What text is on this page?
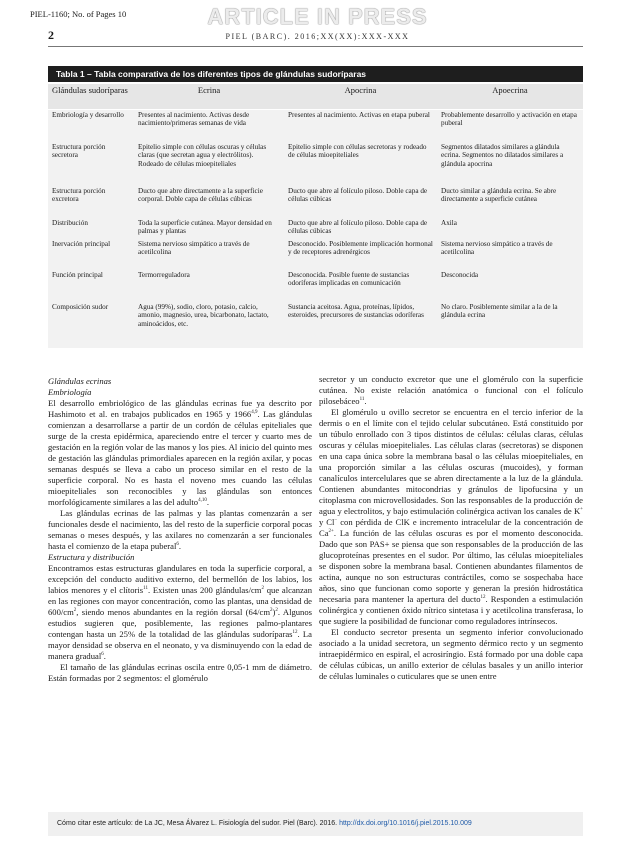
PIEL-1160; No. of Pages 10	ARTICLE IN PRESS
2	PIEL (BARC). 2016;XX(XX):XXX-XXX
Tabla 1 – Tabla comparativa de los diferentes tipos de glándulas sudoríparas
Glándulas sudoríparas	Ecrina	Apocrina	Apoecrina

Embriología y desarrollo	Presentes al nacimiento. Activas desde nacimiento/primeras semanas de vida	Presentes al nacimiento. Activas en etapa puberal	Probablemente desarrollo y activación en etapa puberal
Estructura porción secretora	Epitelio simple con células oscuras y células claras (que secretan agua y electrólitos). Rodeado de células mioepiteliales	Epitelio simple con células secretoras y rodeado de células mioepiteliales	Segmentos dilatados similares a glándula ecrina. Segmentos no dilatados similares a glándula apocrina
Estructura porción excretora	Ducto que abre directamente a la superficie corporal. Doble capa de células cúbicas	Ducto que abre al folículo piloso. Doble capa de células cúbicas	Ducto similar a glándula ecrina. Se abre directamente a superficie cutánea
Distribución	Toda la superficie cutánea. Mayor densidad en palmas y plantas	Ducto que abre al folículo piloso. Doble capa de células cúbicas	Axila
Inervación principal	Sistema nervioso simpático a través de acetilcolina	Desconocido. Posiblemente implicación hormonal y de receptores adrenérgicos	Sistema nervioso simpático a través de acetilcolina
Función principal	Termorreguladora	Desconocida. Posible fuente de sustancias odoríferas implicadas en comunicación	Desconocida
Composición sudor	Agua (99%), sodio, cloro, potasio, calcio, amonio, magnesio, urea, bicarbonato, lactato, aminoácidos, etc.	Sustancia aceitosa. Agua, proteínas, lípidos, esteroides, precursores de sustancias odoríferas	No claro. Posiblemente similar a la de la glándula ecrina

Glándulas ecrinas

Embriología

El desarrollo embriológico de las glándulas ecrinas fue ya descrito por Hashimoto et al. en trabajos publicados en 1965 y 1966$^{4,9}$. Las glándulas comienzan a desarrollarse a partir de un cordón de células epiteliales que surge de la cresta epidérmica, apareciendo entre el tercer y cuarto mes de gestación en la región volar de las manos y los pies. Al inicio del quinto mes de gestación las glándulas primordiales aparecen en la región axilar, y pocas semanas después se lleva a cabo un proceso similar en el resto de la superficie corporal. No es hasta el noveno mes cuando las células mioepiteliales son reconocibles y las glándulas son entonces morfológicamente similares a las del adulto$^{4,10}$.

Las glándulas ecrinas de las palmas y las plantas comenzarán a ser funcionales desde el nacimiento, las del resto de la superficie corporal pocas semanas o meses después, y las axilares no comenzarán a ser funcionales hasta el comienzo de la etapa puberal$^6$.

Estructura y distribución

Encontramos estas estructuras glandulares en toda la superficie corporal, a excepción del conducto auditivo externo, del bermellón de los labios, los labios menores y el clítoris$^{11}$. Existen unas 200 glándulas/$cm^2$ que alcanzan en las regiones con mayor concentración, como las plantas, una densidad de $600/cm^2$, siendo menos abundantes en la región dorsal $(64/cm^2)^2$. Algunos estudios sugieren que, posiblemente, las regiones palmo-plantares contengan hasta un 25% de la totalidad de las glándulas sudoríparas$^{12}$. La mayor densidad se observa en el neonato, y va disminuyendo con la edad de manera gradual$^6$.

El tamaño de las glándulas ecrinas oscila entre 0,05-1 mm de diámetro. Están formadas por 2 segmentos: el glomérulo

secretor y un conducto excretor que une el glomérulo con la superficie cutánea. No existe relación anatómica o funcional con el folículo pilosebáceo$^{11}$.

El glomérulo u ovillo secretor se encuentra en el tercio inferior de la dermis o en el límite con el tejido celular subcutáneo. Está constituido por un túbulo enrollado con 3 tipos distintos de células: células claras, células oscuras y células mioepiteliales. Las células claras (secretoras) se disponen en una capa única sobre la membrana basal o las células mioepiteliales, en una proporción similar a las células oscuras (mucoides), y forman canalículos intercelulares que se abren directamente a la luz de la glándula. Contienen abundantes mitocondrias y gránulos de lipofucsina y un citoplasma con microvellosidades. Son las responsables de la producción de agua y electrolitos, y bajo estimulación colinérgica activan los canales de K+ y Cl− con pérdida de ClK e incremento intracelular de la concentración de $Ca^{2+}$. La función de las células oscuras es por el momento desconocida. Dado que son PAS+ se piensa que son responsables de la producción de las glucoproteínas presentes en el sudor. Por último, las células mioepiteliales se disponen sobre la membrana basal. Contienen abundantes filamentos de actina, aunque no son estructuras contráctiles, como se sospechaba hace años, sino que funcionan como soporte y generan la presión hidrostática necesaria para mantener la apertura del ducto$^{12}$. Responden a estimulación colinérgica y contienen óxido nítrico sintetasa i y acetilcolina transferasa, lo que sugiere la posibilidad de funcionar como reguladores intrínsecos.

El conducto secretor presenta un segmento inferior convolucionado asociado a la unidad secretora, un segmento dérmico recto y un segmento intraepidérmico en espiral, el acrosiríngio. Está formado por una doble capa de células cúbicas, un anillo exterior de células basales y un anillo interior de células luminales o cuticulares que se unen entre

Cómo citar este artículo: de La JC, Mesa Álvarez L. Fisiología del sudor. Piel (Barc). 2016. http://dx.doi.org/10.1016/j.piel.2015.10.009
